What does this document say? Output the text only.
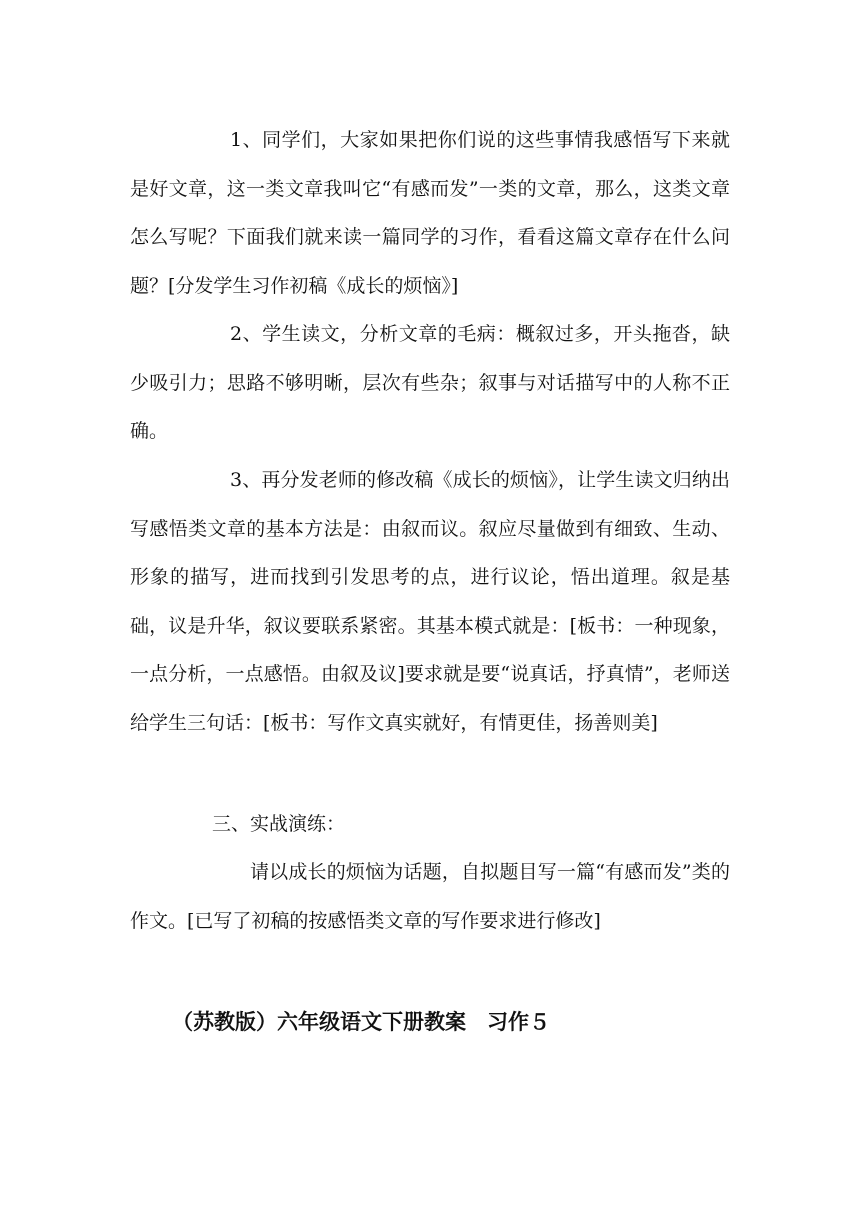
1、同学们，大家如果把你们说的这些事情我感悟写下来就是好文章，这一类文章我叫它“有感而发”一类的文章，那么，这类文章怎么写呢？下面我们就来读一篇同学的习作，看看这篇文章存在什么问题？[分发学生习作初稿《成长的烦恼》]

2、学生读文，分析文章的毛病：概叙过多，开头拖沓，缺少吸引力；思路不够明晰，层次有些杂；叙事与对话描写中的人称不正确。

3、再分发老师的修改稿《成长的烦恼》，让学生读文归纳出写感悟类文章的基本方法是：由叙而议。叙应尽量做到有细致、生动、形象的描写，进而找到引发思考的点，进行议论，悟出道理。叙是基础，议是升华，叙议要联系紧密。其基本模式就是：[板书：一种现象，一点分析，一点感悟。由叙及议]要求就是要“说真话，抒真情”，老师送给学生三句话：[板书：写作文真实就好，有情更佳，扬善则美]

三、实战演练：

请以成长的烦恼为话题，自拟题目写一篇“有感而发”类的作文。[已写了初稿的按感悟类文章的写作要求进行修改]

（苏教版）六年级语文下册教案　习作５
